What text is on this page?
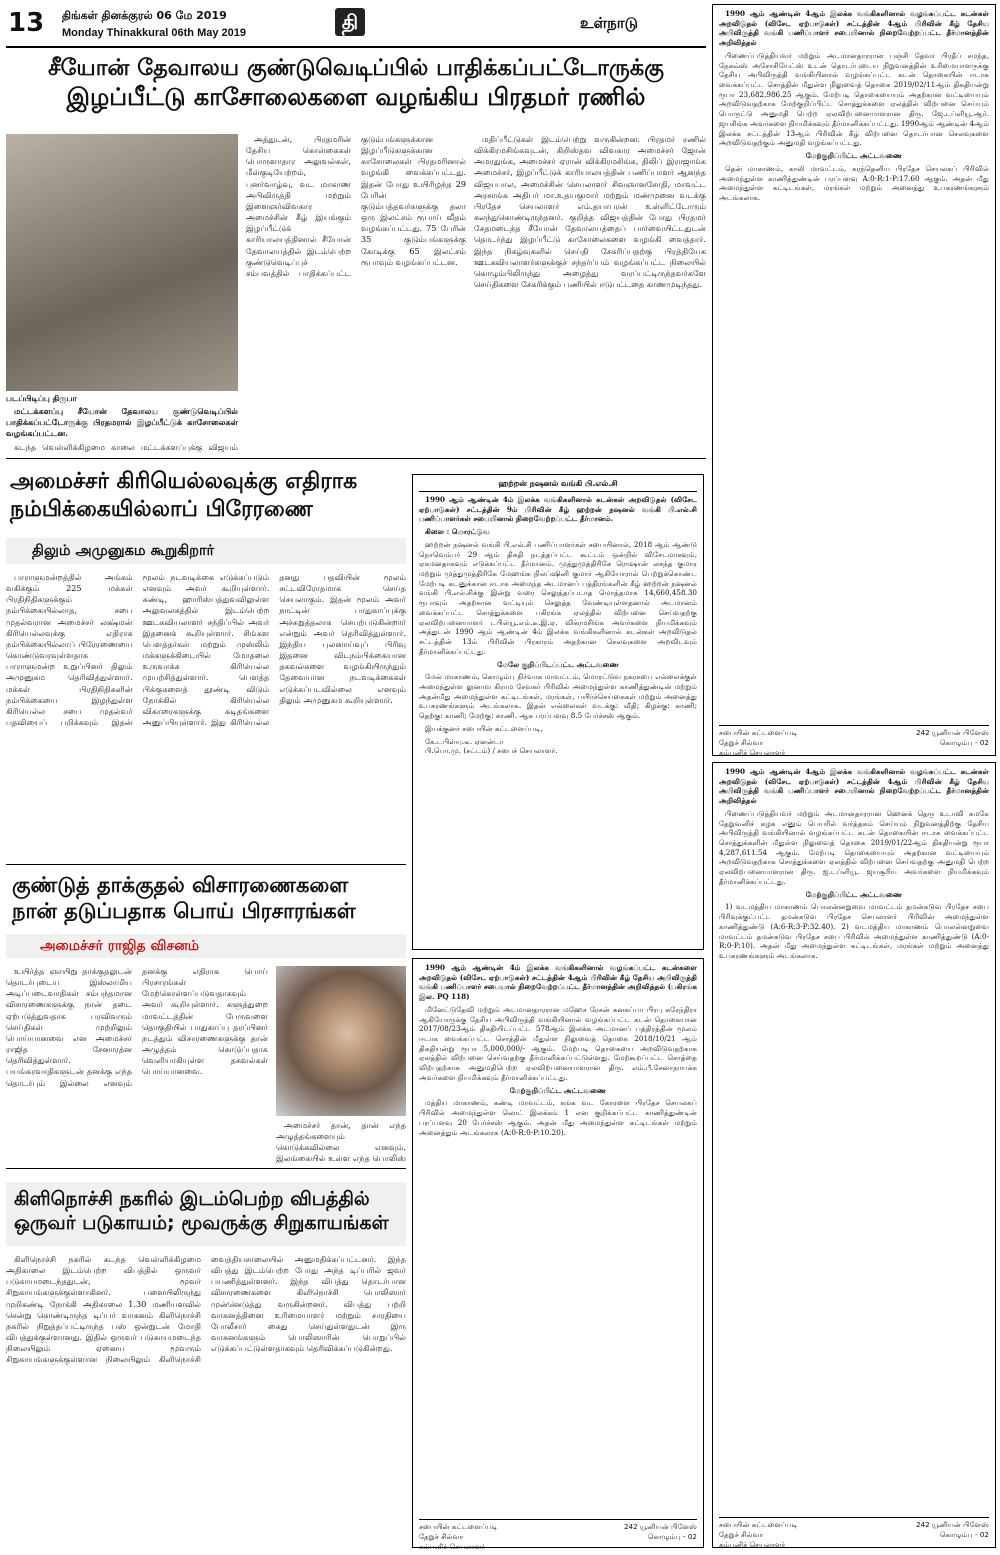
13 திங்கள் தினக்குரல் 06 மே 2019
Monday Thinakkural 06th May 2019	தி	உள்நாடு
சீயோன் தேவாலய குண்டுவெடிப்பில் பாதிக்கப்பட்டோருக்கு
இழப்பீட்டு காசோலைகளை வழங்கிய பிரதமர் ரணில்
படப்பிடிப்பு திருபா

மட்டக்களப்பு சீயோன் தேவாலய குண்டுவெடிப்பில் பாதிக்கப்பட்டோருக்கு பிரதமரால் இழப்பீட்டுக் காசோலைகள் வழங்கப்பட்டன.

கடந்த வெள்ளிக்கிழமை காலை மட்டக்களப்புக்கு விஜயம்

அத்துடன், பிரதமரின் தேசிய கொள்கைகள் பொருளாதார அலுவல்கள், மீள்குடியேற்றம், புனர்வாழ்வு, வட மாகாண அபிவிருத்தி மற்றும் இளைஞர்விவகார அமைச்சின் கீழ் இயங்கும் இழப்பீட்டுக் காரியாலயத்தினால் சீயோன் தேவாலயத்தில் இடம்பெற்ற குண்டுவெடிப்புச் சம்பவத்தில் பாதிக்கப்பட்ட குடும்பங்களுக்கான இழப்பீடுகளுக்கான காசோலைகள் பிரதமரினால் வழங்கி வைக்கப்பட்டது. இதன் போது உயிரிழந்த 29 பேரின் குடும்பத்தவர்களுக்கு தலா ஒரு இலட்சம் ரூபாய் வீதம் வழங்கப்பட்டது. 75 பேரின் 35 குடும்பங்களுக்கு கோடிக்கு 65 இலட்சம் ரூபாவும் வழங்கப்பட்டன.

மதிப்பீட்டுகள் இடம்பெற்று வருகின்றன. பிரதமர் ரணில் விக்கிரமசிங்கவுடன், கிறிஸ்தவ விவகார அமைச்சர் ஜோன் அமரதுங்க, அமைச்சர் ஏரான் விக்கிரமசிங்க, திலிப் இராஜாங்க அமைச்சர், இழப்பீட்டுக் காரியாலயத்தின் பணிப்பாளர் ஆனந்த விஜயபால, அமைச்சின் செயலாளர் சிவஞானசோதி, மாவட்ட அரசாங்க அதிபர் மா.உதயகுமார் மற்றும் மண்முனை வடக்கு பிரதேச செயலாளர் எம்.தயாபரன் உள்ளிட்டோரும் கலந்துகொண்டிருந்தனர். குறித்த விஜயத்தின் போது பிரதமர் சேதமடைந்த சீயோன் தேவாலயத்தைப் பார்வையிட்டதுடன் தொடர்ந்து இழப்பீட்டு காசோலைகளை வழங்கி வைத்தார். இந்த நிகழ்வுகளில் செய்தி சேகரிப்பதற்கு பிரத்தியேக ஊடகவியலாளர்களுக்குச் சந்தர்ப்பம் வழங்கப்பட்ட நிலையில் கொழும்பிலிருந்து அழைத்து வரப்பட்டிருந்தவர்களே செய்திகளை சேகரிக்கும் பணியில் ஈடுபட்டதை காணமுடிந்தது.

அமைச்சர் கிரியெல்லவுக்கு எதிராக
நம்பிக்கையில்லாப் பிரேரணை
திலும் அமுனுகம கூறுகிறார்

பாராளுமன்றத்தில் அங்கம் வகிக்கும் 225 மக்கள் பிரதிநிதிகளுக்கும் நம்பிக்கையில்லாத, சபை முதல்வரான அமைச்சர் லக்ஷ்மன் கிரியெல்லவுக்கு எதிராக நம்பிக்கையில்லாப் பிரேரணையை கொண்டுவரவுள்ளதாக பாராளுமன்ற உறுப்பினர் திலும் அமுனுகம தெரிவித்துள்ளார். மக்கள் பிரதிநிதிகளின் நம்பிக்கையை இழந்துள்ள கிரியெல்ல சபை முதல்வர் பதவியைப் பறிக்கவும் இதன் மூலம் நடவடிக்கை எடுக்கப்படும் எனவும் அவர் கூறியுள்ளார். கண்டி, ஹாரிஸ்பத்துவவிலுள்ள அலுவலகத்தில் இடம்பெற்ற ஊடகவியலாளர் சந்திப்பில் அவர் இதனைக் கூறியுள்ளார். சிங்கள பௌத்தர்கள் மற்றும் முஸ்லிம் மக்களுக்கிடையில் மோதலை உருவாக்க கிரியெல்ல முயற்சித்துள்ளார். பௌத்த பிக்குகளைத் தூண்டி விடும் நோக்கில் கிரியெல்ல விகாரைகளுக்கு கடிதங்களை அனுப்பியுள்ளார். இது கிரியெல்ல தனது பதவியின் மூலம் சட்டவிரோதமாக செய்த செயலாகும். இதன் மூலம் அவர் நாட்டின் பாதுகாப்புக்கு அச்சுறுத்தலாக செயற்படுகின்றார் என்றும் அவர் தெரிவித்துள்ளார். இந்திய புலனாய்வுப் பிரிவு இதனை விடநம்பிக்கையான தகவல்களை வழங்கியிருந்தும் தேவையான நடவடிக்கைகள் எடுக்கப்படவில்லை எனவும் திலும் அமுனுகம கூறியுள்ளார்.

குண்டுத் தாக்குதல் விசாரணைகளை
நான் தடுப்பதாக பொய் பிரசாரங்கள்
அமைச்சர் ராஜித விசனம்

உயிர்த்த ஞாயிறு தாக்குதலுடன் தொடர்புடைய இஸ்லாமிய அடிப்படைவாதிகள் சம்பந்தமான விசாரணைகளுக்கு நான் தடை ஏற்படுத்துவதாக பரவிவரும் செய்திகள் முற்றிலும் பொய்யானவை என அமைச்சர் ராஜித சேனாரத்ன தெரிவித்துள்ளார். பயங்கரவாதிகளுடன் தனக்கு எந்த தொடர்பும் இல்லை எனவும் தனக்கு எதிராக பொய் பிரசாரங்கள் மேற்கொள்ளப்படுவதாகவும் அவர் கூறியுள்ளார். களுத்துறை மாவட்டத்தின் பேருவளை தொகுதியில் பாதுகாப்பு தரப்பினர் நடத்தும் விசாரணைகளுக்கு தான் அழுத்தம் கொடுப்பதாக வெளியாகியுள்ள தகவல்கள் பொய்யானவை.

அமைச்சர் தான், தான் எந்த அழுத்தங்களையும் கொடுக்கவில்லை எனவும், இலங்கையில் உள்ள எந்த பொலிஸ்

கிளிநொச்சி நகரில் இடம்பெற்ற விபத்தில்
ஒருவர் படுகாயம்; மூவருக்கு சிறுகாயங்கள்

கிளிநொச்சி நகரில் கடந்த வெள்ளிக்கிழமை அதிகாலை இடம்பெற்ற விபத்தில் ஒருவர் படுகாயமடைந்ததுடன், மூவர் சிறுகாயங்களுக்குள்ளாகினர். பளையிலிருந்து முறிகண்டி நோக்கி அதிகாலை 1.30 மணியளவில் சென்று கொண்டிருந்த டிப்பர் வாகனம் கிளிநொச்சி நகரில் நிறுத்தப்பட்டிருந்த பஸ் ஒன்றுடன் மோதி விபத்துக்குள்ளானது. இதில் ஒருவர் படுகாயமடைந்த நிலையிலும் ஏனைய மூவரும் சிறுகாயங்களுக்குள்ளான நிலையிலும் கிளிநொச்சி வைத்தியசாலையில் அனுமதிக்கப்பட்டனர். இந்த விபத்து இடம்பெற்ற போது அந்த டிப்பரில் ஜவர் பயணித்துள்ளனர். இந்த விபத்து தொடர்பான விசாரணைகளை கிளிநொச்சி பொலிஸார் முன்னெடுத்து வருகின்றனர். விபத்து பற்றி வாகனத்தினை உரிமையாளர் மற்றும் சாரதியை போலீசார் கைது செய்துள்ளதுடன் இரு வாகனங்களும் பொலிஸாரின் பொறுப்பில் எடுக்கப்பட்டுள்ளதாகவும் தெரிவிக்கப்படுகின்றது.

ஹற்றன் நஷனல் வங்கி பி.எல்.சி

1990 ஆம் ஆண்டின் 4ம் இலக்க வங்கிகளினால் கடன்கள் அறவிடுதல் (விசேட ஏற்பாடுகள்) சட்டத்தின் 9ம் பிரிவின் கீழ் ஹற்றன் நஷனல் வங்கி பி.எல்.சி பணிப்பாளர்கள் சபையினால் நிறைவேற்றப்பட்ட தீர்மானம்.

கிளை : மொரட்டுவ

ஹற்றன் நஷனல் வங்கி பி.எல்.சி பணிப்பாளர்கள் சபையினால், 2018 ஆம் ஆண்டு நொவெம்பர் 29 ஆம் திகதி நடத்தப்பட்ட கூட்டம் ஒன்றில் விசேடமாகவும், ஏகமனதாகவும் எடுக்கப்பட்ட தீர்மானம். முத்துமுத்திரிகே ரொஷான் லசந்த குமார மற்றும் முத்துமுத்திரிகே மேஹங்க நிலப்ஷினி குமார் ஆகியோரால் பெற்றுக்கொண்ட மேற்படி கடனுக்கான ஈடாக அமைந்த அடமானப் பத்திரங்களின் கீழ் ஹற்றன் நஷனல் வங்கி பி.எல்.சிக்கு இன்று வரை செலுத்தப்படாத மொத்தமாக 14,660,458.30 ரூபாவும் அதற்கான வட்டியும் செலுத்த வேண்டியுள்ளதனால் அடமானம் வைக்கப்பட்ட சொத்துக்களை பகிரங்க ஏலத்தில் விற்பனை செய்வதற்கு ஏலவிற்பனையாளர் டபிள்யூ.எம்.டீ.இ.ஏ. விக்ரமசிங்க அவர்களை நியமிக்கவும் அத்துடன் 1990 ஆம் ஆண்டின் 4ம் இலக்க வங்கிகளினால் கடன்கள் அறவிடுதல் சட்டத்தின் 13ம் பிரிவின் பிரகாரம் அதற்கான செலவுகளை அறவிடவும் தீர்மானிக்கப்பட்டது.

மேலே குறிப்பிடப்பட்ட அட்டவணை

மேல் மாகாணம், கொழும்பு நிர்வாக மாவட்டம், மொரட்டுவ நகரசபை எல்லைக்குள் அமைந்துள்ள லுனாவ கிராம சேவகர் பிரிவில் அமைந்துள்ள காணித்துண்டின் மற்றும் அதன்மீது அமைந்துள்ள கட்டிடங்கள், மரங்கள், பயிர்ச்செய்கைகள் மற்றும் அனைத்து உபகரணங்களும் அடங்கலாக. இதன் எல்லைகள் வடக்கு: வீதி; கிழக்கு: காணி; தெற்கு: காணி; மேற்கு: காணி. ஆக பரப்பளவு 8.5 பேர்ச்சஸ் ஆகும்.

இயக்குனர் சபையின் கட்டளைப்படி,

கே.டபிள்யு.டீ. ஏனன்டா

பி.பொ.மு. (சட்டம்) / சபைச் செயலாளர்.

1990 ஆம் ஆண்டின் 4ம் இலக்க வங்கிகளினால் வழங்கப்பட்ட கடன்களை அறவிடுதல் (விசேட ஏற்பாடுகள்) சட்டத்தின் 4ஆம் பிரிவின் கீழ் தேசிய அபிவிருத்தி வங்கி பணிப்பாளர் சபையால் நிறைவேற்றப்பட்ட தீர்மானத்தின் அறிவித்தல் (பகிரங்க இல. PQ 118)

மினேட்டுதேவி மற்றும் அடமானதாரரான மஹேச ரேசன் கனகப்பா பிரபு சுரேந்திரா ஆகியோருக்கு தேசிய அபிவிருத்தி வங்கியினால் வழங்கப்பட்ட கடன் தொகையான 2017/08/23ஆம் திகதியிடப்பட்ட 578ஆம் இலக்க அடமானப் பத்திரத்தின் மூலம் ஈடாக வைக்கப்பட்ட சொத்தின் மீதுள்ள நிலுவைத் தொகை 2018/10/21 ஆம் திகதியன்று ரூபா 5,000,000/- ஆகும். மேற்படி தொகையை அறவிடுவதற்காக ஏலத்தில் விற்பனை செய்வதற்கு தீர்மானிக்கப்பட்டுள்ளது. மேற்கூறப்பட்ட சொத்தை விற்பதற்காக அனுமதிபெற்ற ஏலவிற்பனையாளரான திரு. எம்.பீ.சேனாநாயக்க அவர்களை நியமிக்கவும் தீர்மானிக்கப்பட்டது.

மேற்குறிப்பிட்ட அட்டவணை

மத்திய மாகாணம், கண்டி மாவட்டம், கங்க வட கோரளை பிரதேச செயலகப் பிரிவில் அமைந்துள்ள லொட் இலக்கம் 1 என குறிக்கப்பட்ட காணித்துண்டின் பரப்பளவு 20 பேர்ச்சஸ் ஆகும். அதன் மீது அமைந்துள்ள கட்டிடங்கள் மற்றும் அனைத்தும் அடங்கலாக (A:0-R:0-P:10.20).

சபையின் கட்டளைப்படி
தேறுச் சில்வா
கம்பனிச் செயலாளர்
242 யூனியன் பிளேஸ்
கொழும்பு - 02

1990 ஆம் ஆண்டின் 4ஆம் இலக்க வங்கிகளினால் வழங்கப்பட்ட கடன்கள் அறவிடுதல் (விசேட ஏற்பாடுகள்) சட்டத்தின் 4ஆம் பிரிவின் கீழ் தேசிய அபிவிருத்தி வங்கி பணிப்பாளர் சபையினால் நிறைவேற்றப்பட்ட தீர்மானத்தின் அறிவித்தல்

பிணைப்படுத்தியவர் மற்றும் அடமானதாரரான புஞ்சி தேவா பிரதீப் சமந்த, நேசுவ்ஸ் அசோசியேட்ஸ் உடன் தொடர்புடைய நிறுவனத்தின் உரிமையாளருக்கு தேசிய அபிவிருத்தி வங்கியினால் வழங்கப்பட்ட கடன் தொகையின் ஈடாக வைக்கப்பட்ட சொத்தின் மீதுள்ள நிலுவைத் தொகை 2019/02/11ஆம் திகதியன்று ரூபா 23,682,986.25 ஆகும். மேற்படி தொகையையும் அதற்கான வட்டியையும் அறவிடுவதற்காக மேற்குறிப்பிட்ட சொத்துக்களை ஏலத்தில் விற்பனை செய்யும் பொருட்டு அனுமதி பெற்ற ஏலவிற்பனையாளரான திரு. ஜே.டப்ளியூ.ஆர். ஜயசிங்க அவர்களை நியமிக்கவும் தீர்மானிக்கப்பட்டது. 1990ஆம் ஆண்டின் 4ஆம் இலக்க சட்டத்தின் 13ஆம் பிரிவின் கீழ் விற்பனை தொடர்பான செலவுகளை அறவிடுவதற்கும் அனுமதி வழங்கப்பட்டது.

மேற்குறிப்பிட்ட அட்டவணை

தென் மாகாணம், காலி மாவட்டம், கரந்தெனிய பிரதேச செயலகப் பிரிவில் அமைந்துள்ள காணித்துண்டின் பரப்பளவு A:0-R:1-P:17.60 ஆகும். அதன் மீது அமைந்துள்ள கட்டிடங்கள், மரங்கள் மற்றும் அனைத்து உபகரணங்களும் அடங்கலாக.

சபையின் கட்டளைப்படி
தேறுச் சில்வா
கம்பனிச் செயலாளர்
242 யூனியன் பிளேஸ்
கொழும்பு - 02

1990 ஆம் ஆண்டின் 4ஆம் இலக்க வங்கிகளினால் வழங்கப்பட்ட கடன்கள் அறவிடுதல் (விசேட ஏற்பாடுகள்) சட்டத்தின் 4ஆம் பிரிவின் கீழ் தேசிய அபிவிருத்தி வங்கி பணிப்பாளர் சபையினால் நிறைவேற்றப்பட்ட தீர்மானத்தின் அறிவித்தல்

பிணைப்படுத்தியவர் மற்றும் அடமானதாரரான ஹெனக் தெரு உடாவி கமகே தேறுவனிச் கழக எனும் பெயரில் வர்த்தகம் செய்யும் நிறுவனத்திற்கு தேசிய அபிவிருத்தி வங்கியினால் வழங்கப்பட்ட கடன் தொகையின் ஈடாக வைக்கப்பட்ட சொத்துக்களின் மீதுள்ள நிலுவைத் தொகை 2019/01/22ஆம் திகதியன்று ரூபா 4,287,611.54 ஆகும். மேற்படி தொகையையும் அதற்கான வட்டியையும் அறவிடுவதற்காக சொத்துக்களை ஏலத்தில் விற்பனை செய்வதற்கு அனுமதி பெற்ற ஏலவிற்பனையாளரான திரு. ஐ.டப்ளியூ. ஜயசூரிய அவர்களை நியமிக்கவும் தீர்மானிக்கப்பட்டது.

மேற்குறிப்பிட்ட அட்டவணை

1) வடமத்திய மாகாணம் பொலன்னறுவை மாவட்டம் தமன்கடுவ பிரதேச சபை பிரிவுக்குட்பட்ட தமன்கடுவ பிரதேச செயலாளர் பிரிவின் அமைந்துள்ள காணித்துண்டு (A:6-R:3-P:32.40). 2) வடமத்திய மாகாணம் பொலன்னறுவை மாவட்டம் தமன்கடுவ பிரதேச சபை பிரிவில் அமைந்துள்ள காணித்துண்டு (A:0-R:0-P:10). அதன் மீது அமைந்துள்ள கட்டிடங்கள், மரங்கள் மற்றும் அனைத்து உபகரணங்களும் அடங்கலாக.

சபையின் கட்டளைப்படி
தேறுச் சில்வா
கம்பனிச் செயலாளர்
242 யூனியன் பிளேஸ்
கொழும்பு - 02
